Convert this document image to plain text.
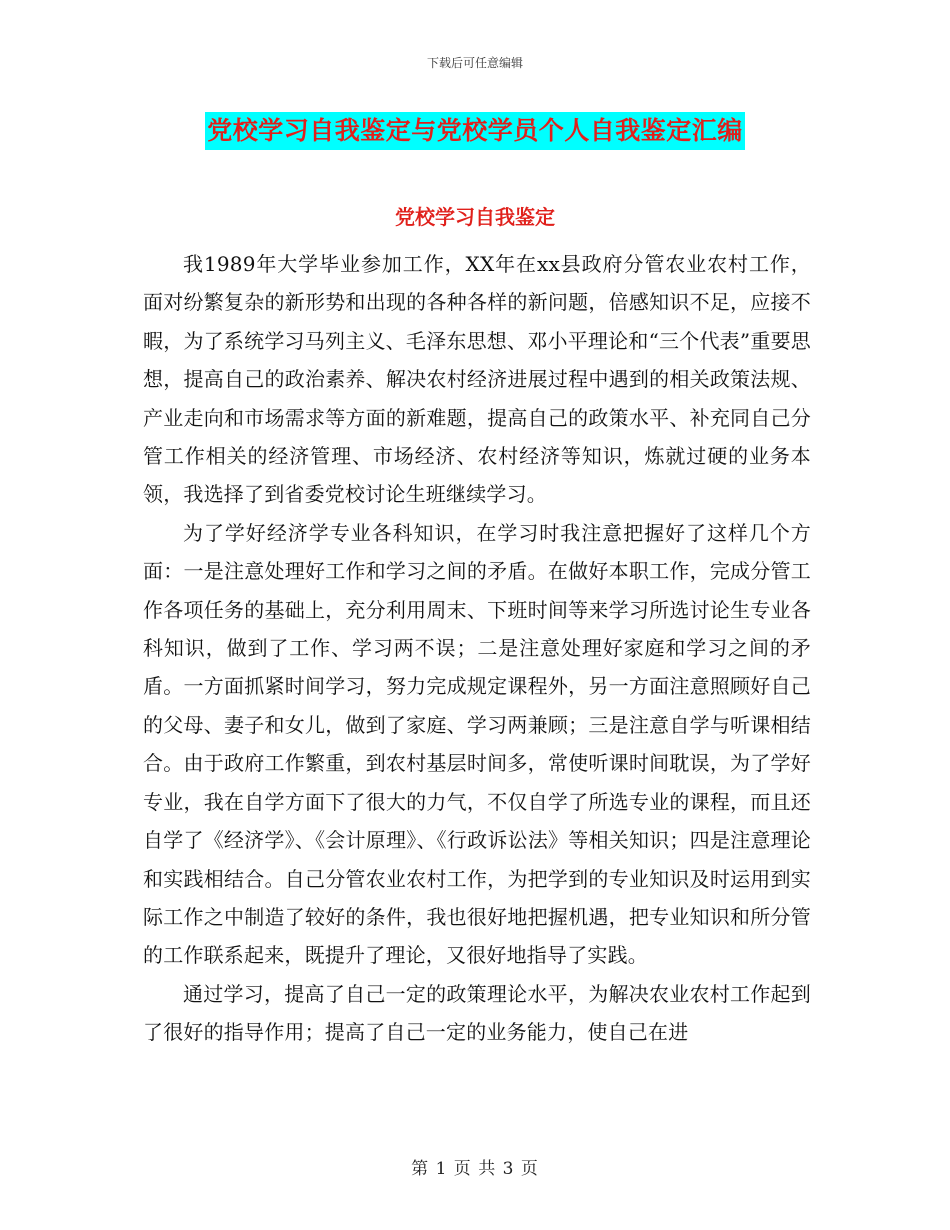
下载后可任意编辑
党校学习自我鉴定与党校学员个人自我鉴定汇编
党校学习自我鉴定

我1989年大学毕业参加工作，XX年在xx县政府分管农业农村工作，面对纷繁复杂的新形势和出现的各种各样的新问题，倍感知识不足，应接不暇，为了系统学习马列主义、毛泽东思想、邓小平理论和“三个代表”重要思想，提高自己的政治素养、解决农村经济进展过程中遇到的相关政策法规、产业走向和市场需求等方面的新难题，提高自己的政策水平、补充同自己分管工作相关的经济管理、市场经济、农村经济等知识，炼就过硬的业务本领，我选择了到省委党校讨论生班继续学习。

为了学好经济学专业各科知识，在学习时我注意把握好了这样几个方面：一是注意处理好工作和学习之间的矛盾。在做好本职工作，完成分管工作各项任务的基础上，充分利用周末、下班时间等来学习所选讨论生专业各科知识，做到了工作、学习两不误；二是注意处理好家庭和学习之间的矛盾。一方面抓紧时间学习，努力完成规定课程外，另一方面注意照顾好自己的父母、妻子和女儿，做到了家庭、学习两兼顾；三是注意自学与听课相结合。由于政府工作繁重，到农村基层时间多，常使听课时间耽误，为了学好专业，我在自学方面下了很大的力气，不仅自学了所选专业的课程，而且还自学了《经济学》、《会计原理》、《行政诉讼法》等相关知识；四是注意理论和实践相结合。自己分管农业农村工作，为把学到的专业知识及时运用到实际工作之中制造了较好的条件，我也很好地把握机遇，把专业知识和所分管的工作联系起来，既提升了理论，又很好地指导了实践。

通过学习，提高了自己一定的政策理论水平，为解决农业农村工作起到了很好的指导作用；提高了自己一定的业务能力，使自己在进

第 1 页 共 3 页
